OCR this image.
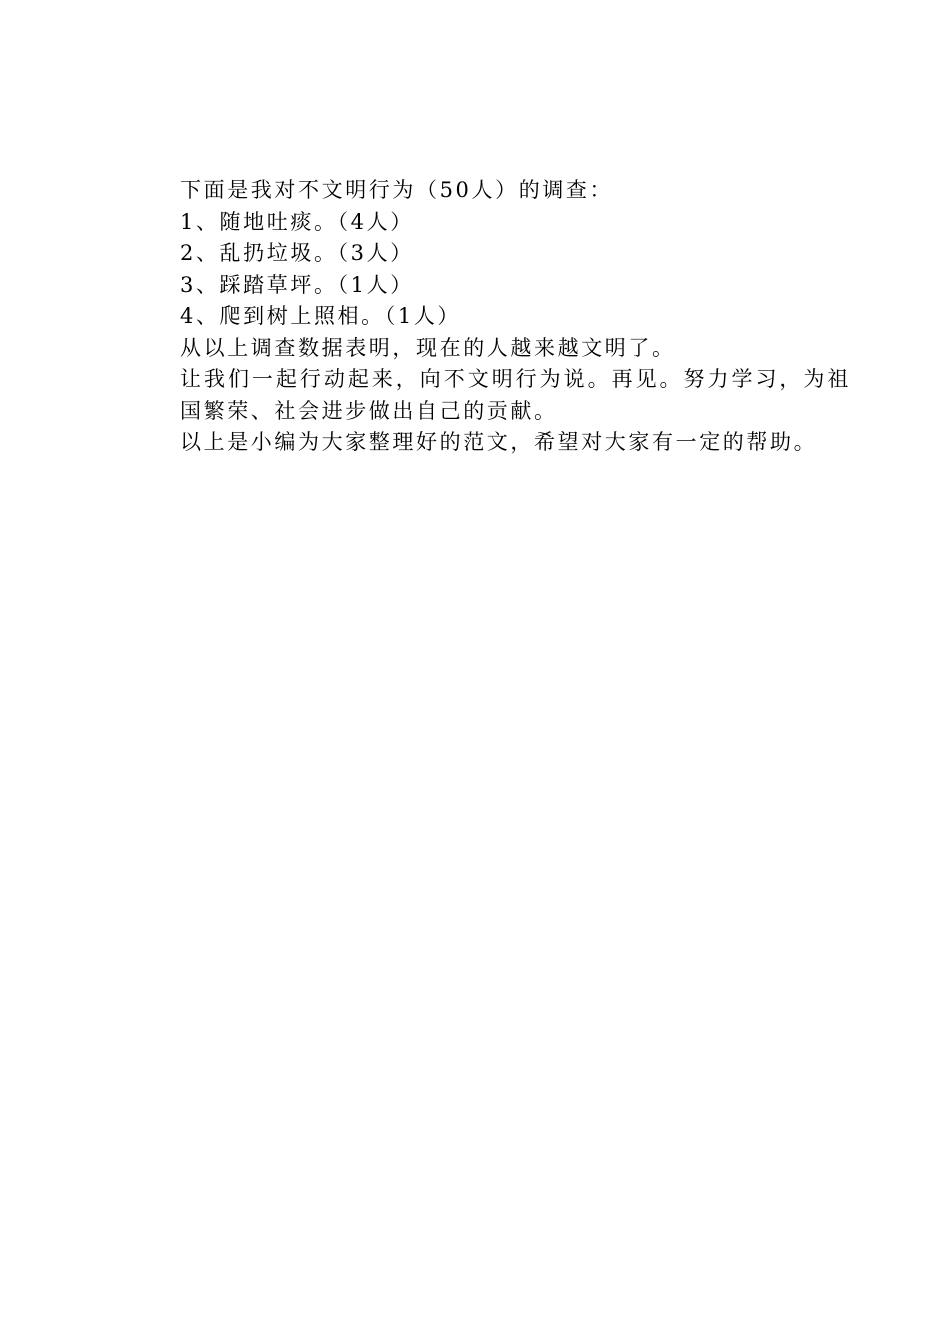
下面是我对不文明行为（50人）的调查：

1、随地吐痰。（4人）

2、乱扔垃圾。（3人）

3、踩踏草坪。（1人）

4、爬到树上照相。（1人）

从以上调查数据表明，现在的人越来越文明了。

让我们一起行动起来，向不文明行为说。再见。努力学习，为祖国繁荣、社会进步做出自己的贡献。

以上是小编为大家整理好的范文，希望对大家有一定的帮助。
